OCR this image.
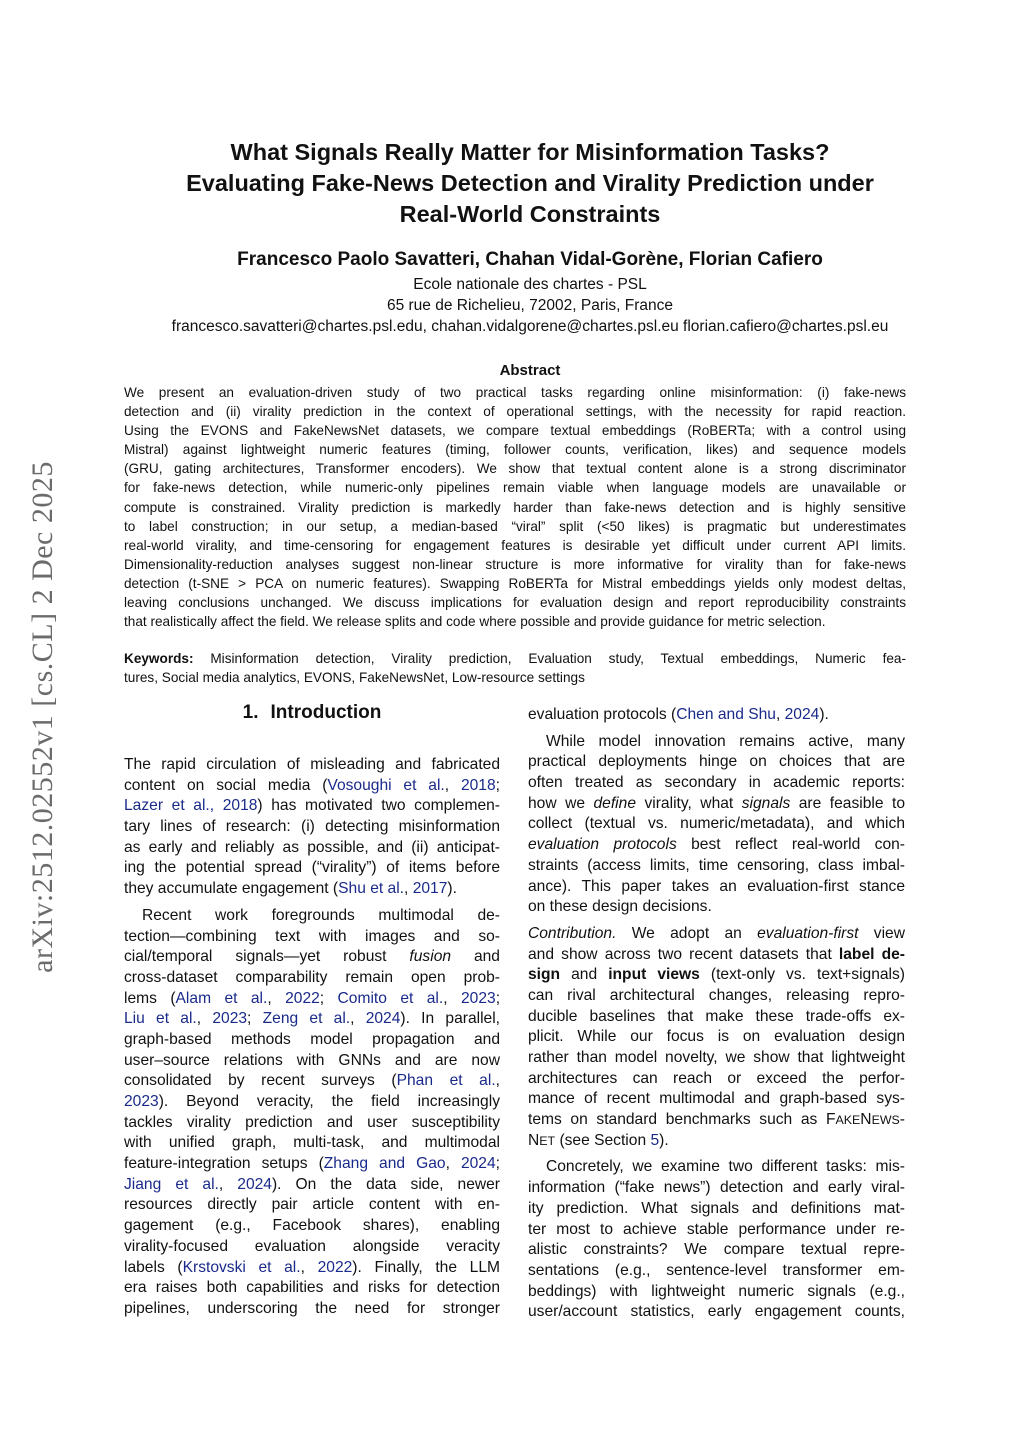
arXiv:2512.02552v1 [cs.CL] 2 Dec 2025
What Signals Really Matter for Misinformation Tasks?
Evaluating Fake-News Detection and Virality Prediction under
Real-World Constraints
Francesco Paolo Savatteri, Chahan Vidal-Gorène, Florian Cafiero
Ecole nationale des chartes - PSL
65 rue de Richelieu, 72002, Paris, France
francesco.savatteri@chartes.psl.edu, chahan.vidalgorene@chartes.psl.eu florian.cafiero@chartes.psl.eu
Abstract
We present an evaluation-driven study of two practical tasks regarding online misinformation: (i) fake-news
detection and (ii) virality prediction in the context of operational settings, with the necessity for rapid reaction.
Using the EVONS and FakeNewsNet datasets, we compare textual embeddings (RoBERTa; with a control using
Mistral) against lightweight numeric features (timing, follower counts, verification, likes) and sequence models
(GRU, gating architectures, Transformer encoders). We show that textual content alone is a strong discriminator
for fake-news detection, while numeric-only pipelines remain viable when language models are unavailable or
compute is constrained. Virality prediction is markedly harder than fake-news detection and is highly sensitive
to label construction; in our setup, a median-based “viral” split (<50 likes) is pragmatic but underestimates
real-world virality, and time-censoring for engagement features is desirable yet difficult under current API limits.
Dimensionality-reduction analyses suggest non-linear structure is more informative for virality than for fake-news
detection (t-SNE > PCA on numeric features). Swapping RoBERTa for Mistral embeddings yields only modest deltas,
leaving conclusions unchanged. We discuss implications for evaluation design and report reproducibility constraints
that realistically affect the field. We release splits and code where possible and provide guidance for metric selection.
Keywords: Misinformation detection, Virality prediction, Evaluation study, Textual embeddings, Numeric fea-
tures, Social media analytics, EVONS, FakeNewsNet, Low-resource settings
1. Introduction
The rapid circulation of misleading and fabricated
content on social media (Vosoughi et al., 2018;
Lazer et al., 2018) has motivated two complemen-
tary lines of research: (i) detecting misinformation
as early and reliably as possible, and (ii) anticipat-
ing the potential spread (“virality”) of items before
they accumulate engagement (Shu et al., 2017).
Recent work foregrounds multimodal de-
tection—combining text with images and so-
cial/temporal signals—yet robust fusion and
cross-dataset comparability remain open prob-
lems (Alam et al., 2022; Comito et al., 2023;
Liu et al., 2023; Zeng et al., 2024). In parallel,
graph-based methods model propagation and
user–source relations with GNNs and are now
consolidated by recent surveys (Phan et al.,
2023). Beyond veracity, the field increasingly
tackles virality prediction and user susceptibility
with unified graph, multi-task, and multimodal
feature-integration setups (Zhang and Gao, 2024;
Jiang et al., 2024). On the data side, newer
resources directly pair article content with en-
gagement (e.g., Facebook shares), enabling
virality-focused evaluation alongside veracity
labels (Krstovski et al., 2022). Finally, the LLM
era raises both capabilities and risks for detection
pipelines, underscoring the need for stronger
evaluation protocols (Chen and Shu, 2024).
While model innovation remains active, many
practical deployments hinge on choices that are
often treated as secondary in academic reports:
how we define virality, what signals are feasible to
collect (textual vs. numeric/metadata), and which
evaluation protocols best reflect real-world con-
straints (access limits, time censoring, class imbal-
ance). This paper takes an evaluation-first stance
on these design decisions.
Contribution. We adopt an evaluation-first view
and show across two recent datasets that label de-
sign and input views (text-only vs. text+signals)
can rival architectural changes, releasing repro-
ducible baselines that make these trade-offs ex-
plicit. While our focus is on evaluation design
rather than model novelty, we show that lightweight
architectures can reach or exceed the perfor-
mance of recent multimodal and graph-based sys-
tems on standard benchmarks such as FAKENEWS-
NET (see Section 5).
Concretely, we examine two different tasks: mis-
information (“fake news”) detection and early viral-
ity prediction. What signals and definitions mat-
ter most to achieve stable performance under re-
alistic constraints? We compare textual repre-
sentations (e.g., sentence-level transformer em-
beddings) with lightweight numeric signals (e.g.,
user/account statistics, early engagement counts,
